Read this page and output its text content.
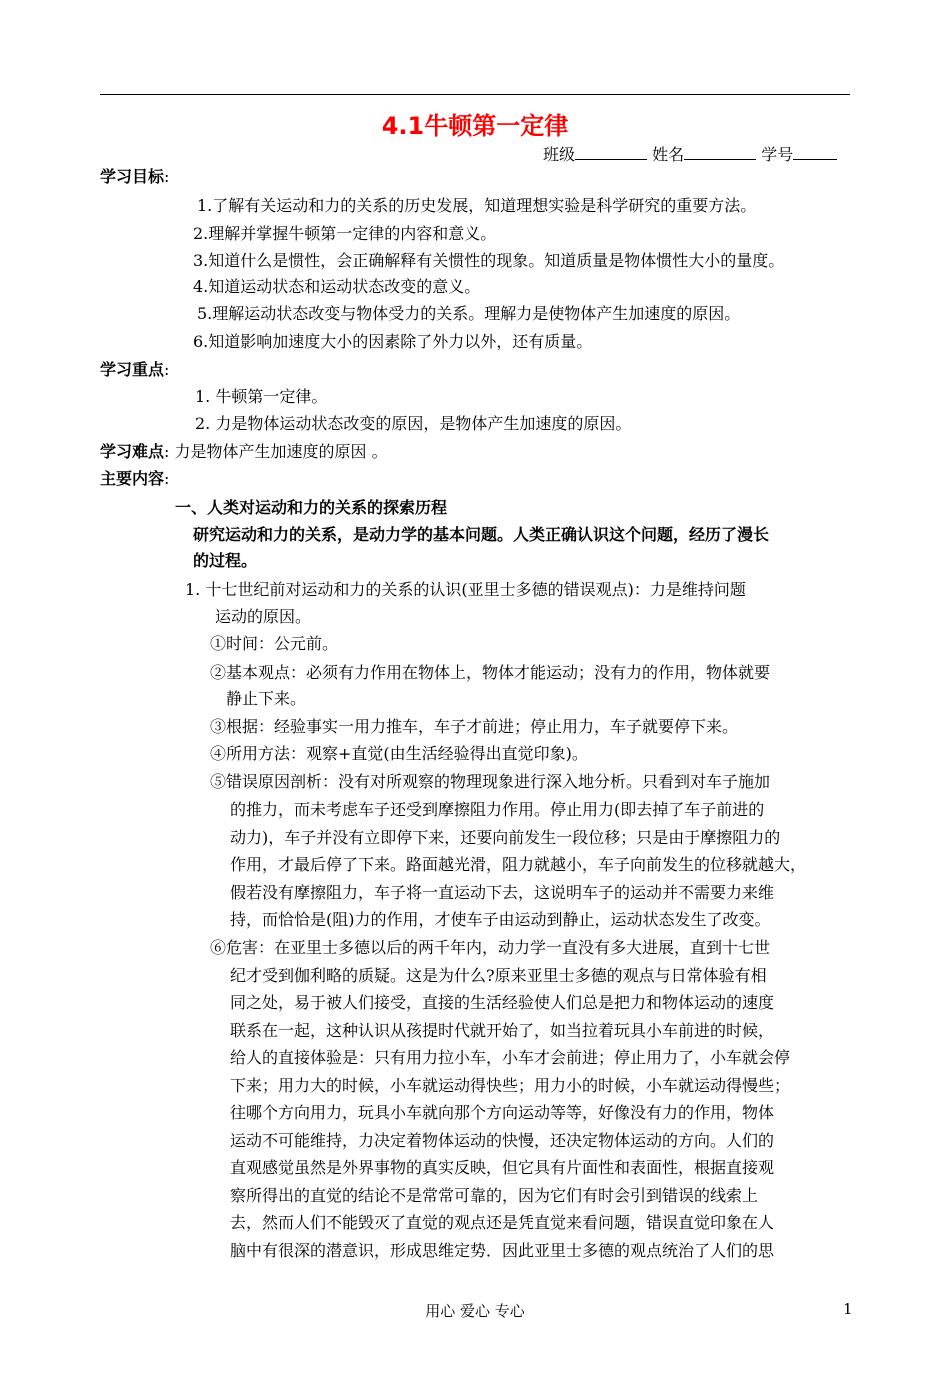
4.1牛顿第一定律
班级	姓名	学号
学习目标:
1.了解有关运动和力的关系的历史发展，知道理想实验是科学研究的重要方法。
2.理解并掌握牛顿第一定律的内容和意义。
3.知道什么是惯性，会正确解释有关惯性的现象。知道质量是物体惯性大小的量度。
4.知道运动状态和运动状态改变的意义。
5.理解运动状态改变与物体受力的关系。理解力是使物体产生加速度的原因。
6.知道影响加速度大小的因素除了外力以外，还有质量。
学习重点:
1. 牛顿第一定律。
2. 力是物体运动状态改变的原因，是物体产生加速度的原因。
学习难点: 力是物体产生加速度的原因 。
主要内容:
一、人类对运动和力的关系的探索历程
研究运动和力的关系，是动力学的基本问题。人类正确认识这个问题，经历了漫长
的过程。
1. 十七世纪前对运动和力的关系的认识(亚里士多德的错误观点)：力是维持问题
运动的原因。
①时间：公元前。
②基本观点：必须有力作用在物体上，物体才能运动；没有力的作用，物体就要
静止下来。
③根据：经验事实一用力推车，车子才前进；停止用力，车子就要停下来。
④所用方法：观察+直觉(由生活经验得出直觉印象)。
⑤错误原因剖析：没有对所观察的物理现象进行深入地分析。只看到对车子施加
的推力，而未考虑车子还受到摩擦阻力作用。停止用力(即去掉了车子前进的
动力)，车子并没有立即停下来，还要向前发生一段位移；只是由于摩擦阻力的
作用，才最后停了下来。路面越光滑，阻力就越小，车子向前发生的位移就越大，
假若没有摩擦阻力，车子将一直运动下去，这说明车子的运动并不需要力来维
持，而恰恰是(阻)力的作用，才使车子由运动到静止，运动状态发生了改变。
⑥危害：在亚里士多德以后的两千年内，动力学一直没有多大进展，直到十七世
纪才受到伽利略的质疑。这是为什么?原来亚里士多德的观点与日常体验有相
同之处，易于被人们接受，直接的生活经验使人们总是把力和物体运动的速度
联系在一起，这种认识从孩提时代就开始了，如当拉着玩具小车前进的时候，
给人的直接体验是：只有用力拉小车，小车才会前进；停止用力了，小车就会停
下来；用力大的时候，小车就运动得快些；用力小的时候，小车就运动得慢些；
往哪个方向用力，玩具小车就向那个方向运动等等，好像没有力的作用，物体
运动不可能维持，力决定着物体运动的快慢，还决定物体运动的方向。人们的
直观感觉虽然是外界事物的真实反映，但它具有片面性和表面性，根据直接观
察所得出的直觉的结论不是常常可靠的，因为它们有时会引到错误的线索上
去，然而人们不能毁灭了直觉的观点还是凭直觉来看问题，错误直觉印象在人
脑中有很深的潜意识，形成思维定势．因此亚里士多德的观点统治了人们的思
用心 爱心 专心	1
